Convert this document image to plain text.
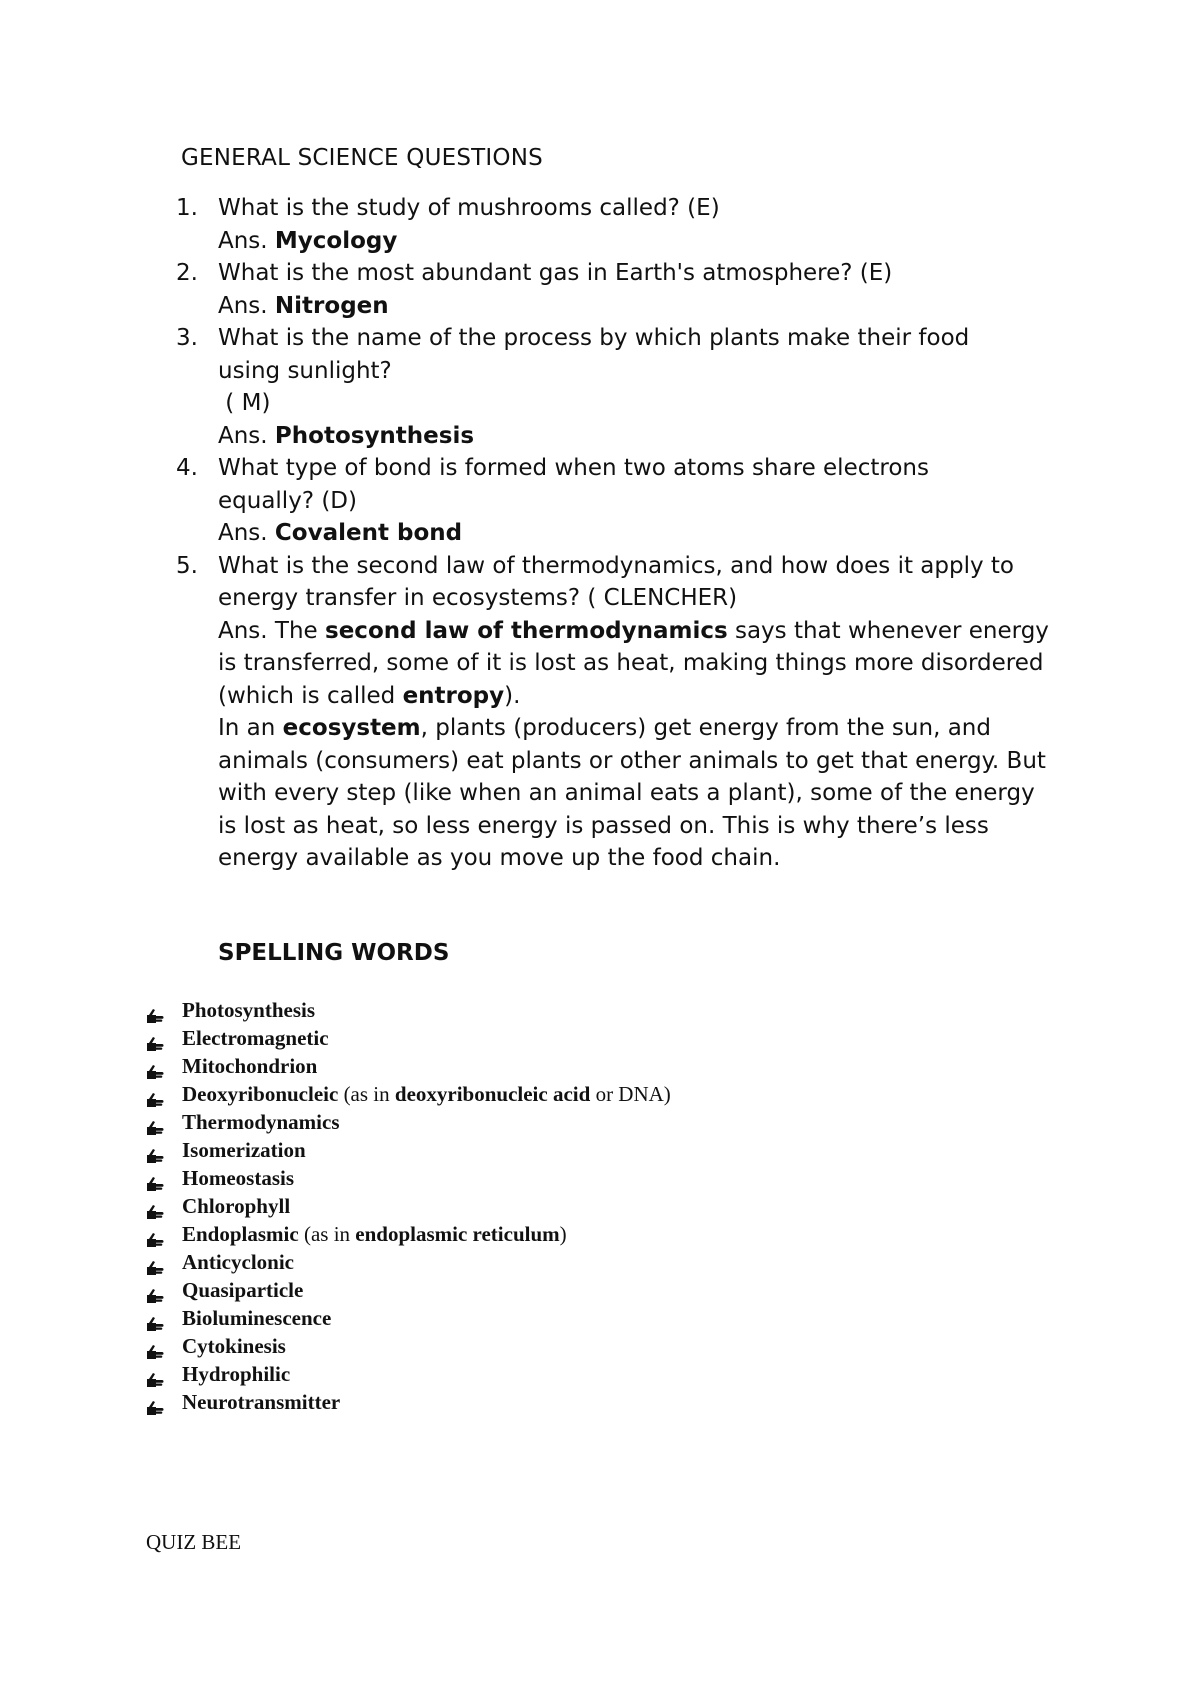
GENERAL SCIENCE QUESTIONS
1. What is the study of mushrooms called? (E)
Ans. Mycology
2. What is the most abundant gas in Earth's atmosphere? (E)
Ans. Nitrogen
3. What is the name of the process by which plants make their food using sunlight?
( M)
Ans. Photosynthesis
4. What type of bond is formed when two atoms share electrons equally? (D)
Ans. Covalent bond
5. What is the second law of thermodynamics, and how does it apply to energy transfer in ecosystems? ( CLENCHER)
Ans. The second law of thermodynamics says that whenever energy is transferred, some of it is lost as heat, making things more disordered (which is called entropy).
In an ecosystem, plants (producers) get energy from the sun, and animals (consumers) eat plants or other animals to get that energy. But with every step (like when an animal eats a plant), some of the energy is lost as heat, so less energy is passed on. This is why there’s less energy available as you move up the food chain.
SPELLING WORDS
Photosynthesis
Electromagnetic
Mitochondrion
Deoxyribonucleic (as in deoxyribonucleic acid or DNA)
Thermodynamics
Isomerization
Homeostasis
Chlorophyll
Endoplasmic (as in endoplasmic reticulum)
Anticyclonic
Quasiparticle
Bioluminescence
Cytokinesis
Hydrophilic
Neurotransmitter
QUIZ BEE
